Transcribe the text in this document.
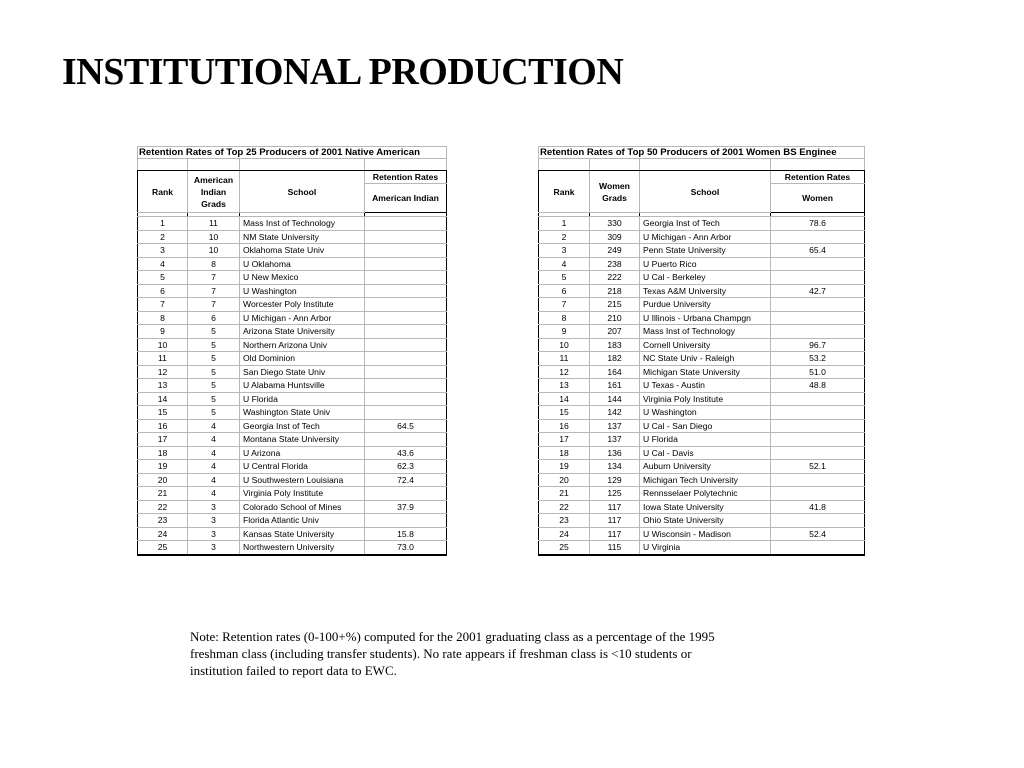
INSTITUTIONAL PRODUCTION
Retention Rates of Top 25 Producers of 2001 Native American			

Rank	American Indian Grads	School	Retention Rates
			American Indian

1	11	Mass Inst of Technology	
2	10	NM State University	
3	10	Oklahoma State Univ	
4	8	U Oklahoma	
5	7	U New Mexico	
6	7	U Washington	
7	7	Worcester Poly Institute	
8	6	U Michigan - Ann Arbor	
9	5	Arizona State University	
10	5	Northern Arizona Univ	
11	5	Old Dominion	
12	5	San Diego State Univ	
13	5	U Alabama Huntsville	
14	5	U Florida	
15	5	Washington State Univ	
16	4	Georgia Inst of Tech	64.5
17	4	Montana State University	
18	4	U Arizona	43.6
19	4	U Central Florida	62.3
20	4	U Southwestern Louisiana	72.4
21	4	Virginia Poly Institute	
22	3	Colorado School of Mines	37.9
23	3	Florida Atlantic Univ	
24	3	Kansas State University	15.8
25	3	Northwestern University	73.0
Retention Rates of Top 50 Producers of 2001 Women BS Enginee			

Rank	Women Grads	School	Retention Rates
			Women

1	330	Georgia Inst of Tech	78.6
2	309	U Michigan - Ann Arbor	
3	249	Penn State University	65.4
4	238	U Puerto Rico	
5	222	U Cal - Berkeley	
6	218	Texas A&M University	42.7
7	215	Purdue University	
8	210	U Illinois - Urbana Champgn	
9	207	Mass Inst of Technology	
10	183	Cornell University	96.7
11	182	NC State Univ - Raleigh	53.2
12	164	Michigan State University	51.0
13	161	U Texas - Austin	48.8
14	144	Virginia Poly Institute	
15	142	U Washington	
16	137	U Cal - San Diego	
17	137	U Florida	
18	136	U Cal - Davis	
19	134	Auburn University	52.1
20	129	Michigan Tech University	
21	125	Rennsselaer Polytechnic	
22	117	Iowa State University	41.8
23	117	Ohio State University	
24	117	U Wisconsin - Madison	52.4
25	115	U Virginia	

Note: Retention rates (0-100+%) computed for the 2001 graduating class as a percentage of the 1995 freshman class (including transfer students). No rate appears if freshman class is <10 students or institution failed to report data to EWC.
